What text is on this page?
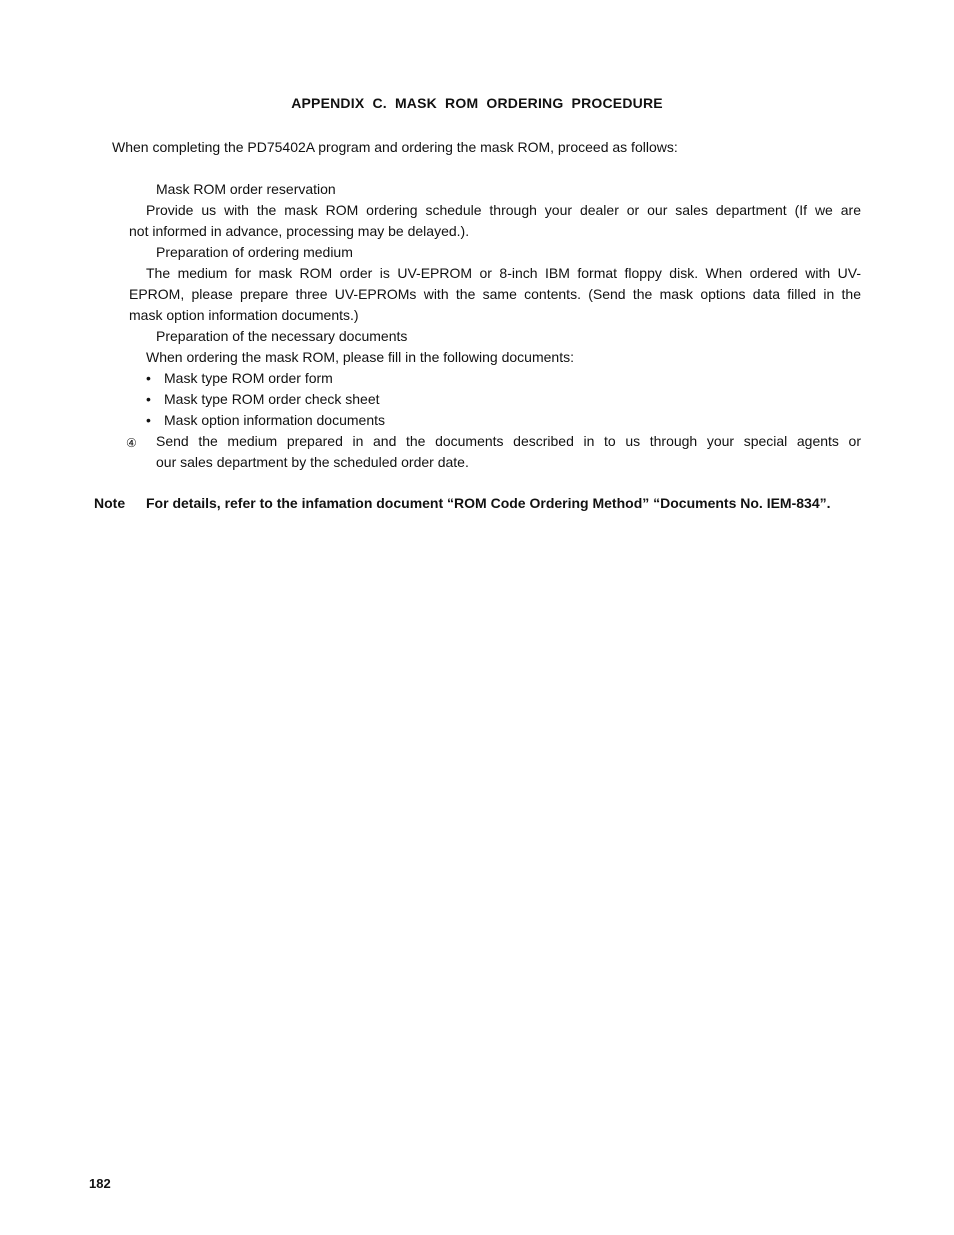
APPENDIX C. MASK ROM ORDERING PROCEDURE
When completing the PD75402A program and ordering the mask ROM, proceed as follows:
Mask ROM order reservation
Provide us with the mask ROM ordering schedule through your dealer or our sales department (If we are
not informed in advance, processing may be delayed.).
Preparation of ordering medium
The medium for mask ROM order is UV-EPROM or 8-inch IBM format floppy disk. When ordered with UV-
EPROM, please prepare three UV-EPROMs with the same contents. (Send the mask options data filled in the
mask option information documents.)
Preparation of the necessary documents
When ordering the mask ROM, please fill in the following documents:
• Mask type ROM order form
• Mask type ROM order check sheet
• Mask option information documents
④ Send the medium prepared in and the documents described in to us through your special agents or
our sales department by the scheduled order date.
Note For details, refer to the infamation document “ROM Code Ordering Method” “Documents No. IEM-834”.
182
